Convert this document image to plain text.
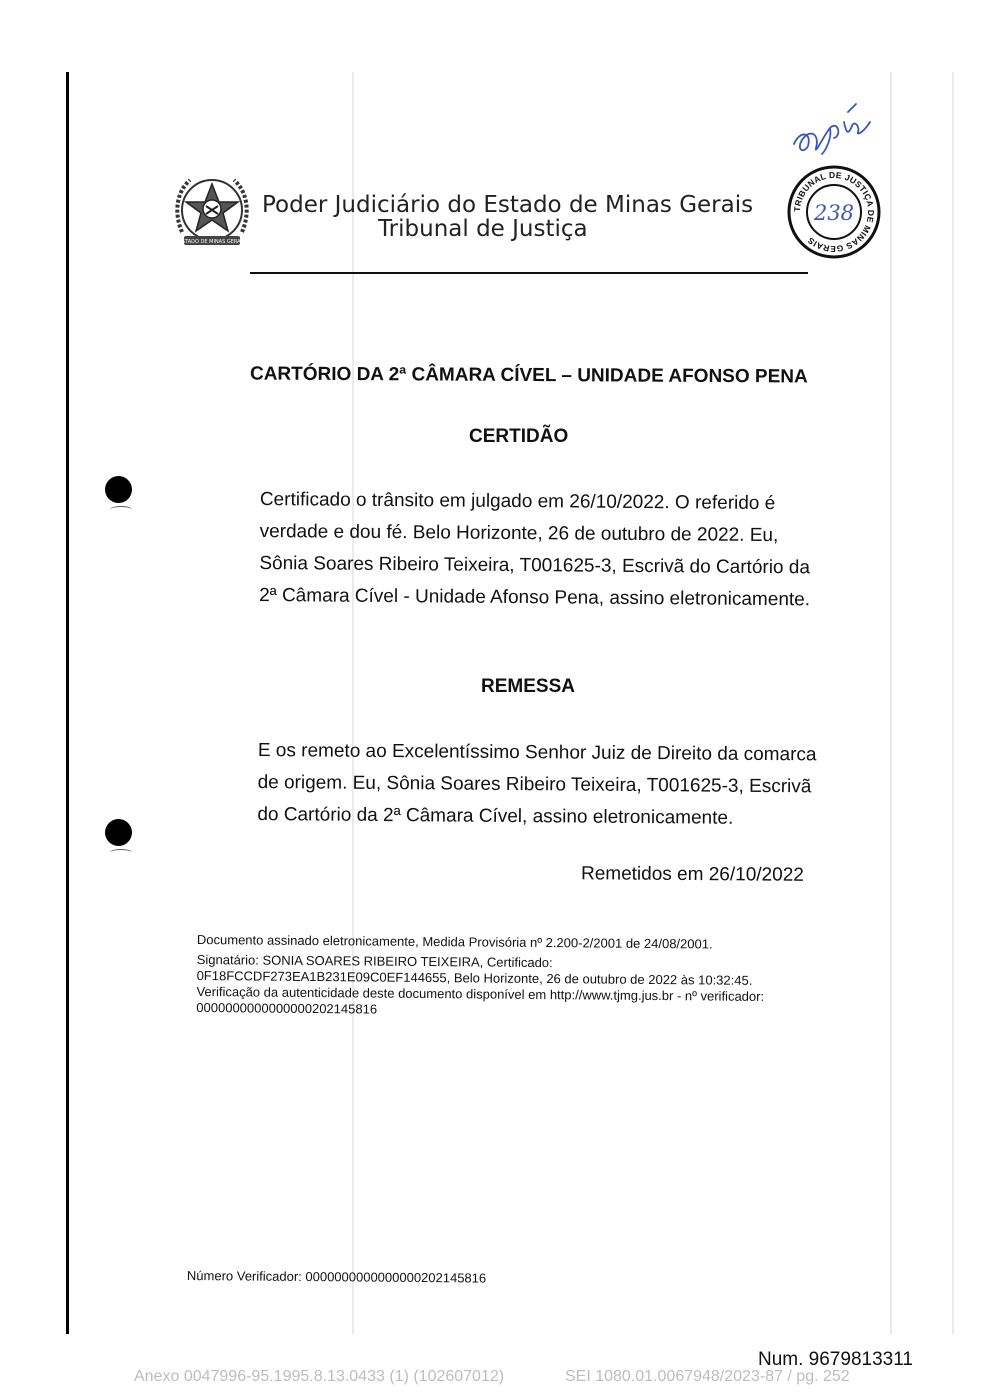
ESTADO DE MINAS GERAIS
Poder Judiciário do Estado de Minas Gerais
Tribunal de Justiça
TRIBUNAL DE JUSTIÇA DE MINAS GERAIS
238
CARTÓRIO DA 2ª CÂMARA CÍVEL – UNIDADE AFONSO PENA
CERTIDÃO
Certificado o trânsito em julgado em 26/10/2022. O referido é
verdade e dou fé. Belo Horizonte, 26 de outubro de 2022. Eu,
Sônia Soares Ribeiro Teixeira, T001625-3, Escrivã do Cartório da
2ª Câmara Cível - Unidade Afonso Pena, assino eletronicamente.
REMESSA
E os remeto ao Excelentíssimo Senhor Juiz de Direito da comarca
de origem. Eu, Sônia Soares Ribeiro Teixeira, T001625-3, Escrivã
do Cartório da 2ª Câmara Cível, assino eletronicamente.
Remetidos em 26/10/2022
Documento assinado eletronicamente, Medida Provisória nº 2.200-2/2001 de 24/08/2001.
Signatário: SONIA SOARES RIBEIRO TEIXEIRA, Certificado:
0F18FCCDF273EA1B231E09C0EF144655, Belo Horizonte, 26 de outubro de 2022 às 10:32:45.
Verificação da autenticidade deste documento disponível em http://www.tjmg.jus.br - nº verificador:
0000000000000000202145816
Número Verificador: 0000000000000000202145816
Num. 9679813311
Anexo 0047996-95.1995.8.13.0433 (1) (102607012)	SEI 1080.01.0067948/2023-87 / pg. 252
